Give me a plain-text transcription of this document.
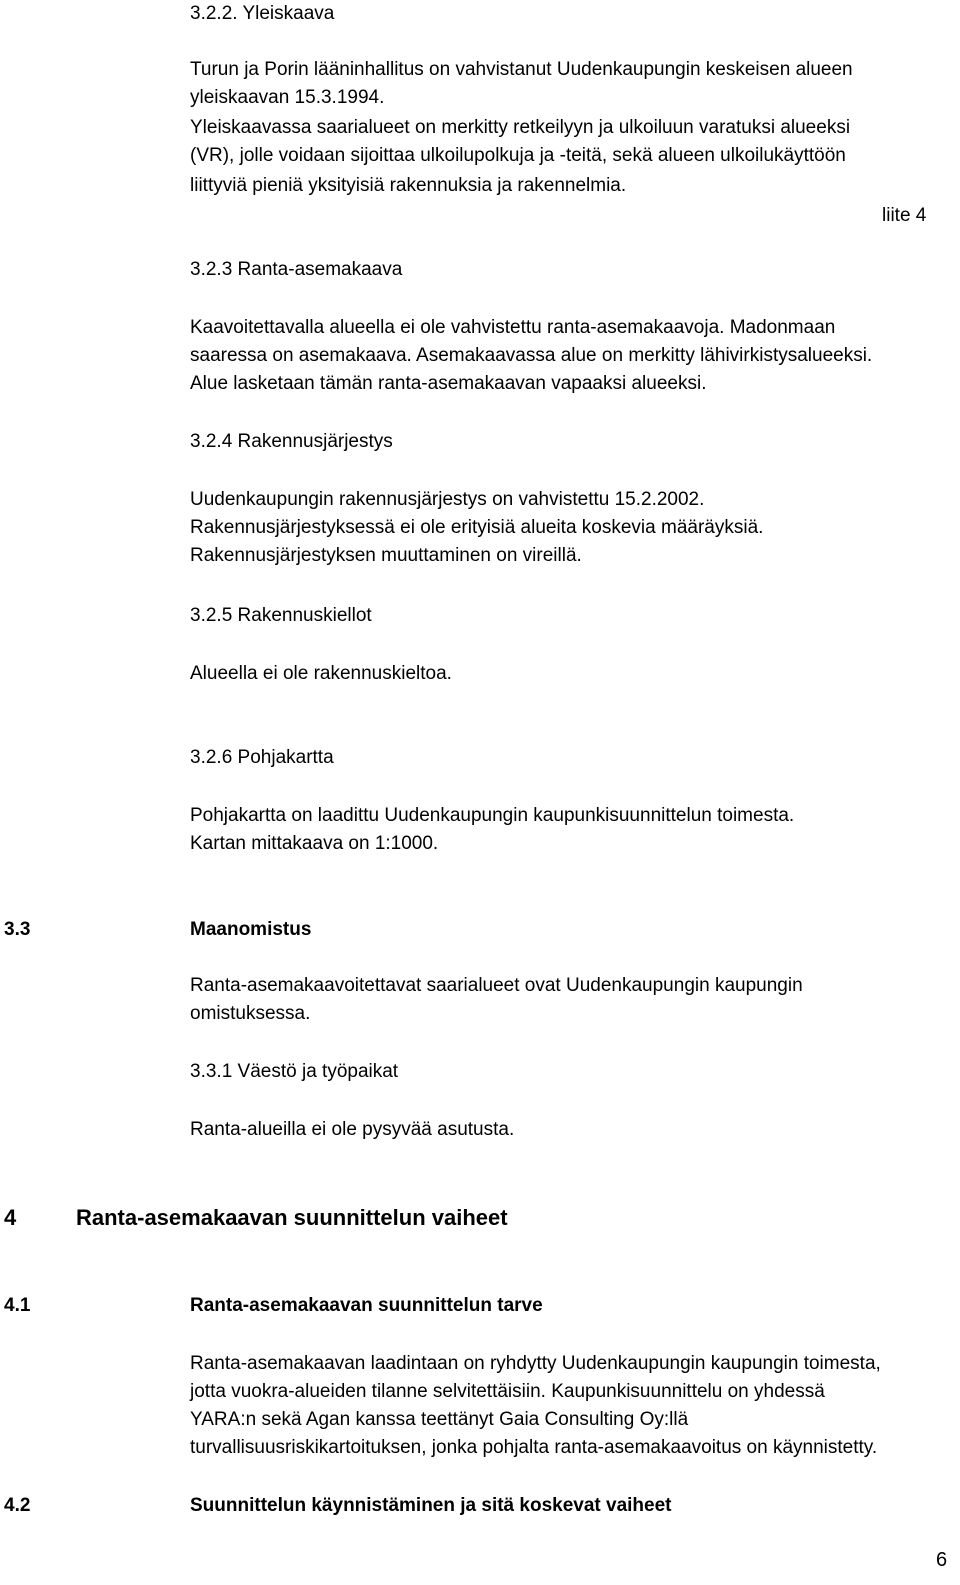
3.2.2. Yleiskaava
Turun ja Porin lääninhallitus on vahvistanut Uudenkaupungin keskeisen alueen
yleiskaavan 15.3.1994.
Yleiskaavassa saarialueet on merkitty retkeilyyn ja ulkoiluun varatuksi alueeksi
(VR), jolle voidaan sijoittaa ulkoilupolkuja ja -teitä, sekä alueen ulkoilukäyttöön
liittyviä pieniä yksityisiä rakennuksia ja rakennelmia.
liite 4
3.2.3 Ranta-asemakaava
Kaavoitettavalla alueella ei ole vahvistettu ranta-asemakaavoja. Madonmaan
saaressa on asemakaava. Asemakaavassa alue on merkitty lähivirkistysalueeksi.
Alue lasketaan tämän ranta-asemakaavan vapaaksi alueeksi.
3.2.4 Rakennusjärjestys
Uudenkaupungin rakennusjärjestys on vahvistettu 15.2.2002.
Rakennusjärjestyksessä ei ole erityisiä alueita koskevia määräyksiä.
Rakennusjärjestyksen muuttaminen on vireillä.
3.2.5 Rakennuskiellot
Alueella ei ole rakennuskieltoa.
3.2.6 Pohjakartta
Pohjakartta on laadittu Uudenkaupungin kaupunkisuunnittelun toimesta.
Kartan mittakaava on 1:1000.
3.3	Maanomistus
Ranta-asemakaavoitettavat saarialueet ovat Uudenkaupungin kaupungin
omistuksessa.
3.3.1 Väestö ja työpaikat
Ranta-alueilla ei ole pysyvää asutusta.
4	Ranta-asemakaavan suunnittelun vaiheet
4.1	Ranta-asemakaavan suunnittelun tarve
Ranta-asemakaavan laadintaan on ryhdytty Uudenkaupungin kaupungin toimesta,
jotta vuokra-alueiden tilanne selvitettäisiin. Kaupunkisuunnittelu on yhdessä
YARA:n sekä Agan kanssa teettänyt Gaia Consulting Oy:llä
turvallisuusriskikartoituksen, jonka pohjalta ranta-asemakaavoitus on käynnistetty.
4.2	Suunnittelun käynnistäminen ja sitä koskevat vaiheet
6
